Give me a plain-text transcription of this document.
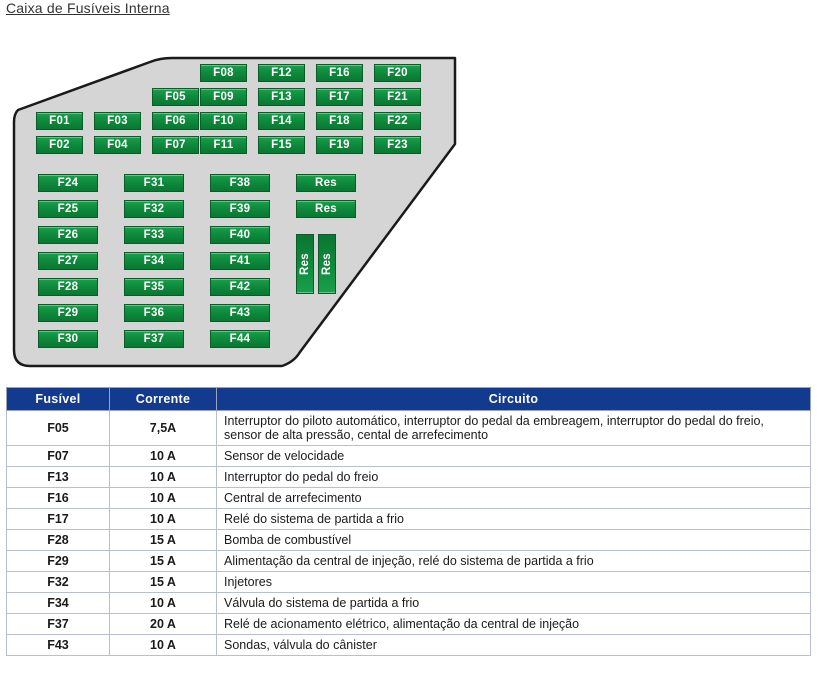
Caixa de Fusíveis Interna
F08	F12	F16	F20
F05	F09	F13	F17	F21
F01	F03	F06	F10	F14	F18	F22
F02	F04	F07	F11	F15	F19	F23
F24
F25
F26
F27
F28
F29
F30
F31
F32
F33
F34
F35
F36
F37
F38
F39
F40
F41
F42
F43
F44
Res
Res
Res Res
Fusível	Corrente	Circuito
F05	7,5A	Interruptor do piloto automático, interruptor do pedal da embreagem, interruptor do pedal do freio, sensor de alta pressão, cental de arrefecimento
F07	10 A	Sensor de velocidade
F13	10 A	Interruptor do pedal do freio
F16	10 A	Central de arrefecimento
F17	10 A	Relé do sistema de partida a frio
F28	15 A	Bomba de combustível
F29	15 A	Alimentação da central de injeção, relé do sistema de partida a frio
F32	15 A	Injetores
F34	10 A	Válvula do sistema de partida a frio
F37	20 A	Relé de acionamento elétrico, alimentação da central de injeção
F43	10 A	Sondas, válvula do cânister
